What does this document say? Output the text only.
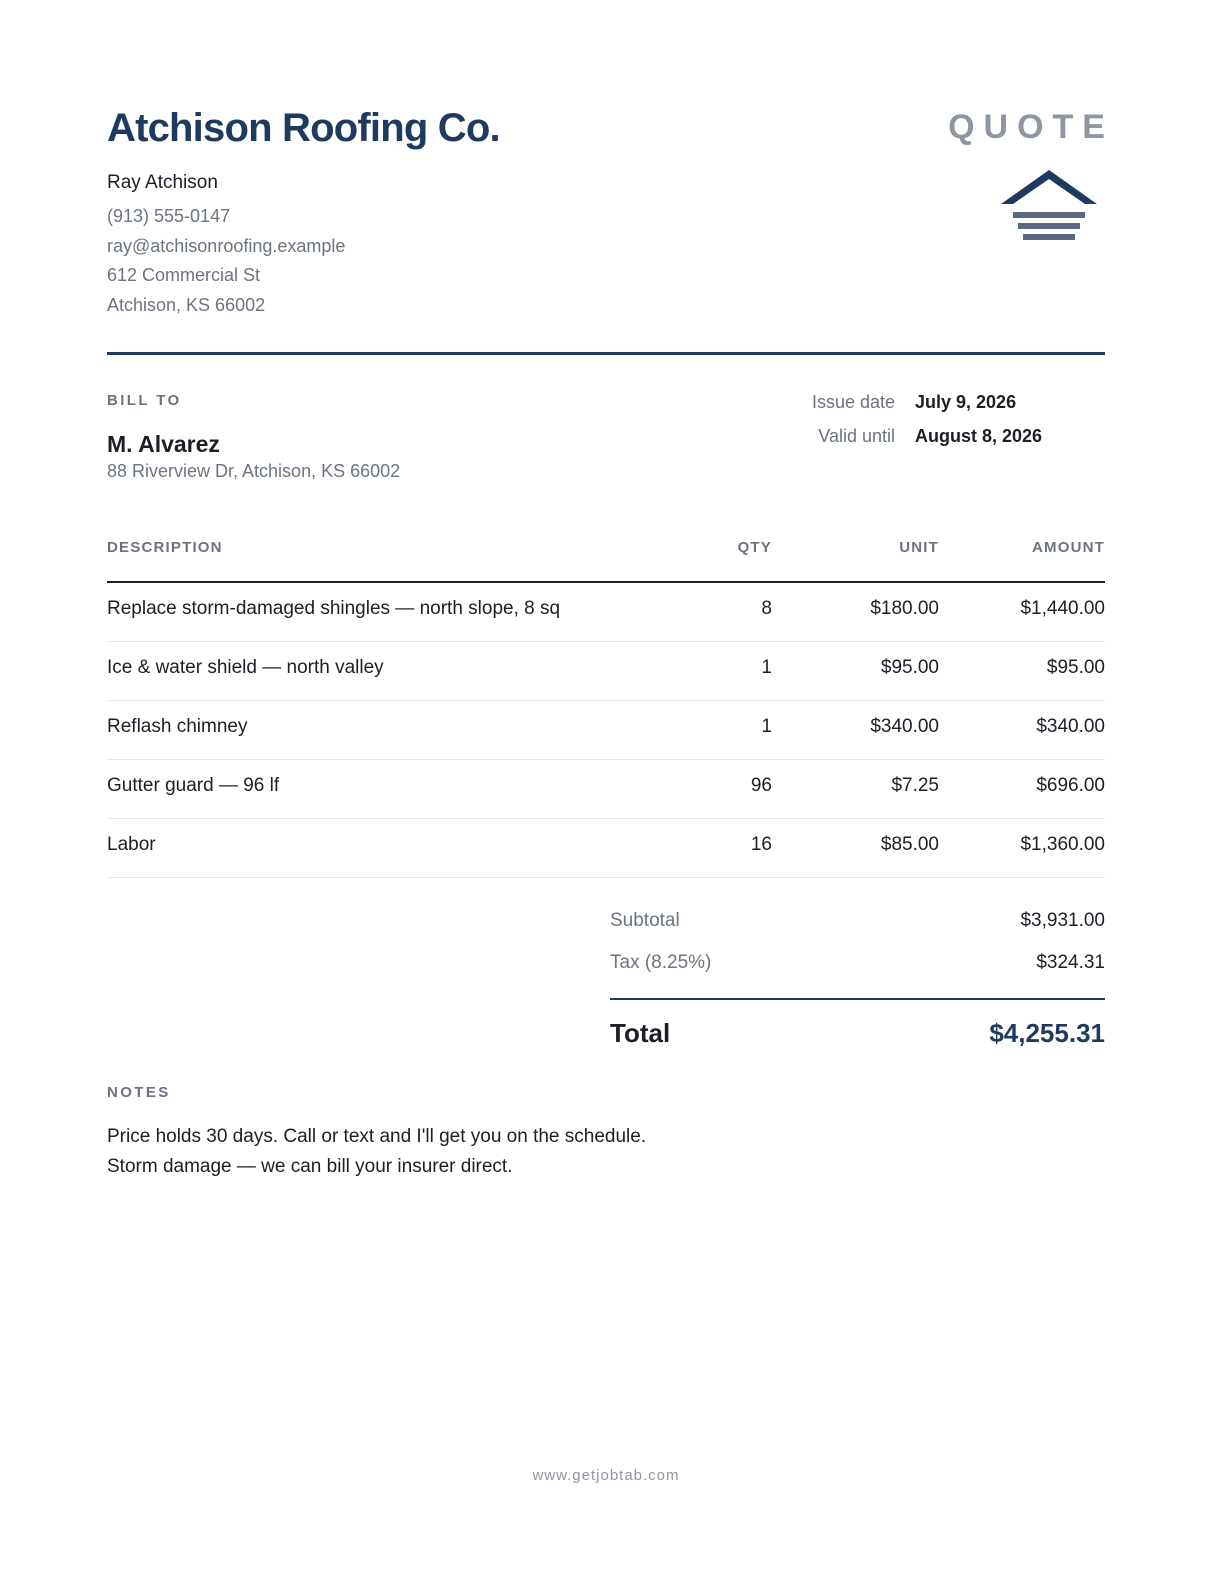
Atchison Roofing Co.	QUOTE
Ray Atchison
(913) 555-0147
ray@atchisonroofing.example
612 Commercial St
Atchison, KS 66002
BILL TO
M. Alvarez
88 Riverview Dr, Atchison, KS 66002
Issue date July 9, 2026
Valid until August 8, 2026
DESCRIPTION	QTY	UNIT	AMOUNT
Replace storm-damaged shingles — north slope, 8 sq	8	$180.00	$1,440.00
Ice & water shield — north valley	1	$95.00	$95.00
Reflash chimney	1	$340.00	$340.00
Gutter guard — 96 lf	96	$7.25	$696.00
Labor	16	$85.00	$1,360.00
Subtotal	$3,931.00
Tax (8.25%)	$324.31
Total	$4,255.31
NOTES
Price holds 30 days. Call or text and I'll get you on the schedule.
Storm damage — we can bill your insurer direct.
www.getjobtab.com
